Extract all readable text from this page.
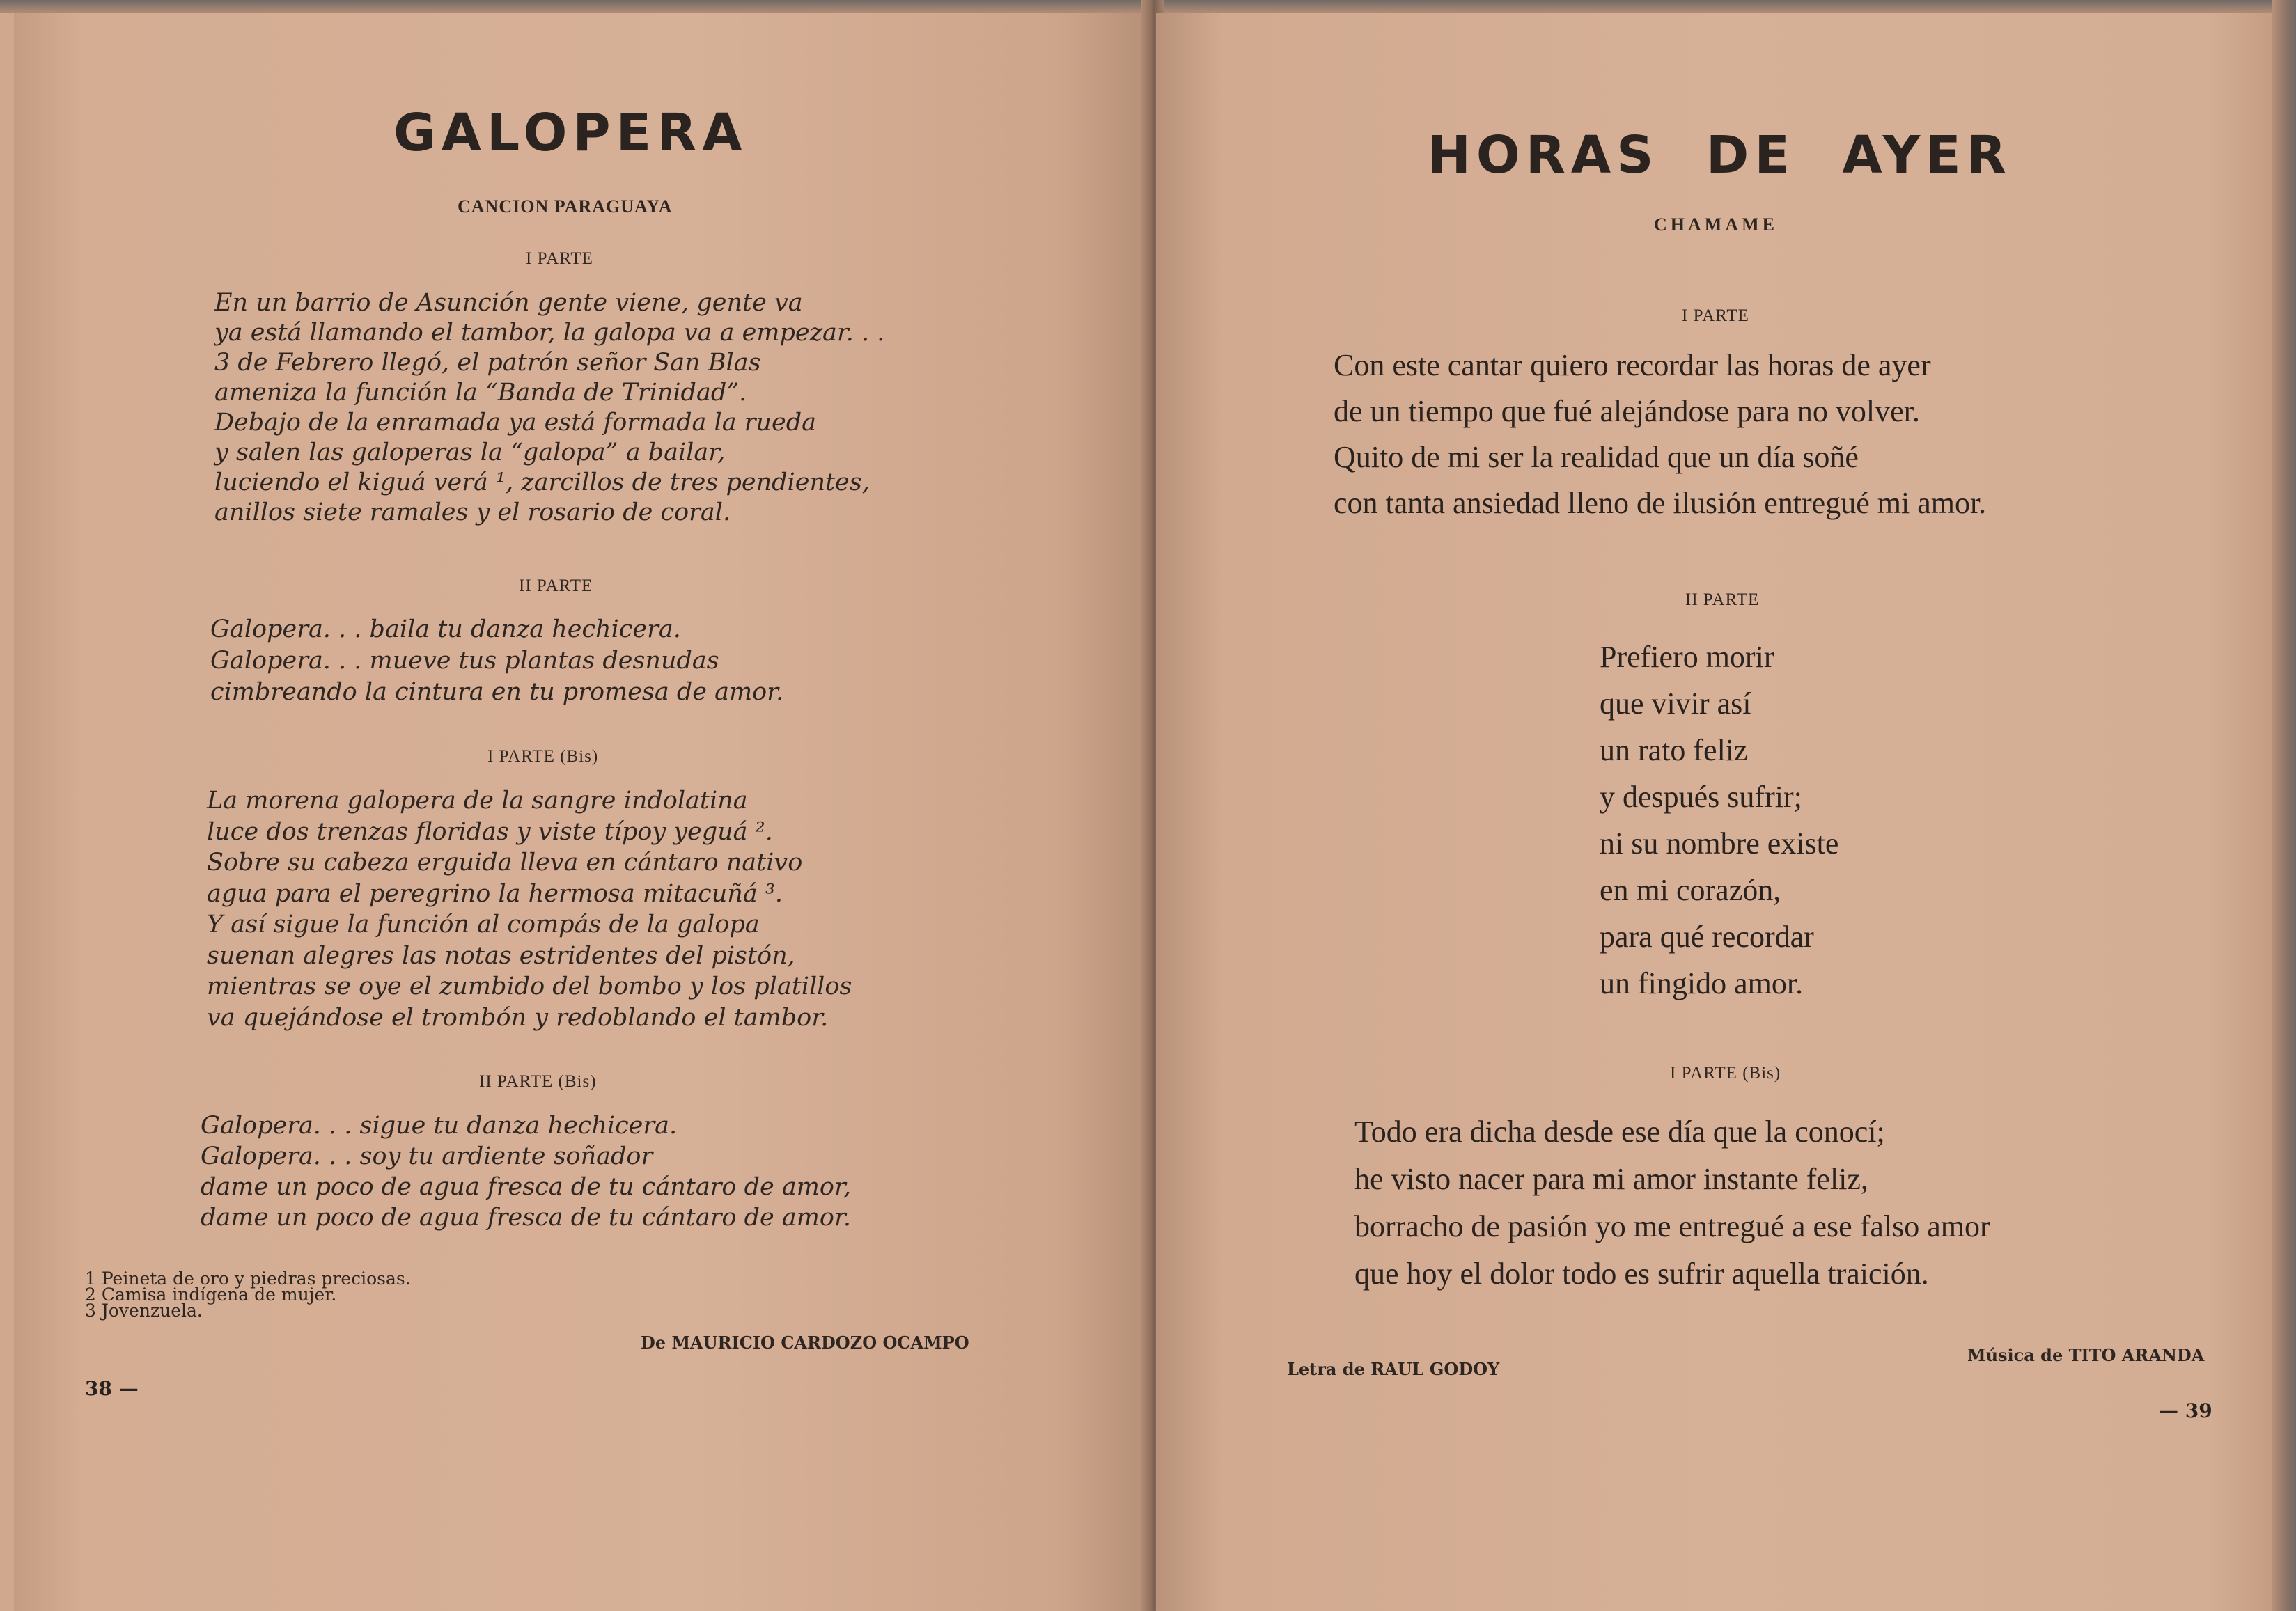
GALOPERA
CANCION PARAGUAYA
I PARTE
En un barrio de Asunción gente viene, gente va
ya está llamando el tambor, la galopa va a empezar. . .
3 de Febrero llegó, el patrón señor San Blas
ameniza la función la “Banda de Trinidad”.
Debajo de la enramada ya está formada la rueda
y salen las galoperas la “galopa” a bailar,
luciendo el kiguá verá ¹, zarcillos de tres pendientes,
anillos siete ramales y el rosario de coral.
II PARTE
Galopera. . . baila tu danza hechicera.
Galopera. . . mueve tus plantas desnudas
cimbreando la cintura en tu promesa de amor.
I PARTE (Bis)
La morena galopera de la sangre indolatina
luce dos trenzas floridas y viste típoy yeguá ².
Sobre su cabeza erguida lleva en cántaro nativo
agua para el peregrino la hermosa mitacuñá ³.
Y así sigue la función al compás de la galopa
suenan alegres las notas estridentes del pistón,
mientras se oye el zumbido del bombo y los platillos
va quejándose el trombón y redoblando el tambor.
II PARTE (Bis)
Galopera. . . sigue tu danza hechicera.
Galopera. . . soy tu ardiente soñador
dame un poco de agua fresca de tu cántaro de amor,
dame un poco de agua fresca de tu cántaro de amor.
1 Peineta de oro y piedras preciosas.
2 Camisa indígena de mujer.
3 Jovenzuela.
De MAURICIO CARDOZO OCAMPO
38 —
HORAS  DE  AYER
CHAMAME
I PARTE
Con este cantar quiero recordar las horas de ayer
de un tiempo que fué alejándose para no volver.
Quito de mi ser la realidad que un día soñé
con tanta ansiedad lleno de ilusión entregué mi amor.
II PARTE
Prefiero morir
que vivir así
un rato feliz
y después sufrir;
ni su nombre existe
en mi corazón,
para qué recordar
un fingido amor.
I PARTE (Bis)
Todo era dicha desde ese día que la conocí;
he visto nacer para mi amor instante feliz,
borracho de pasión yo me entregué a ese falso amor
que hoy el dolor todo es sufrir aquella traición.
Letra de RAUL GODOY
Música de TITO ARANDA
— 39
